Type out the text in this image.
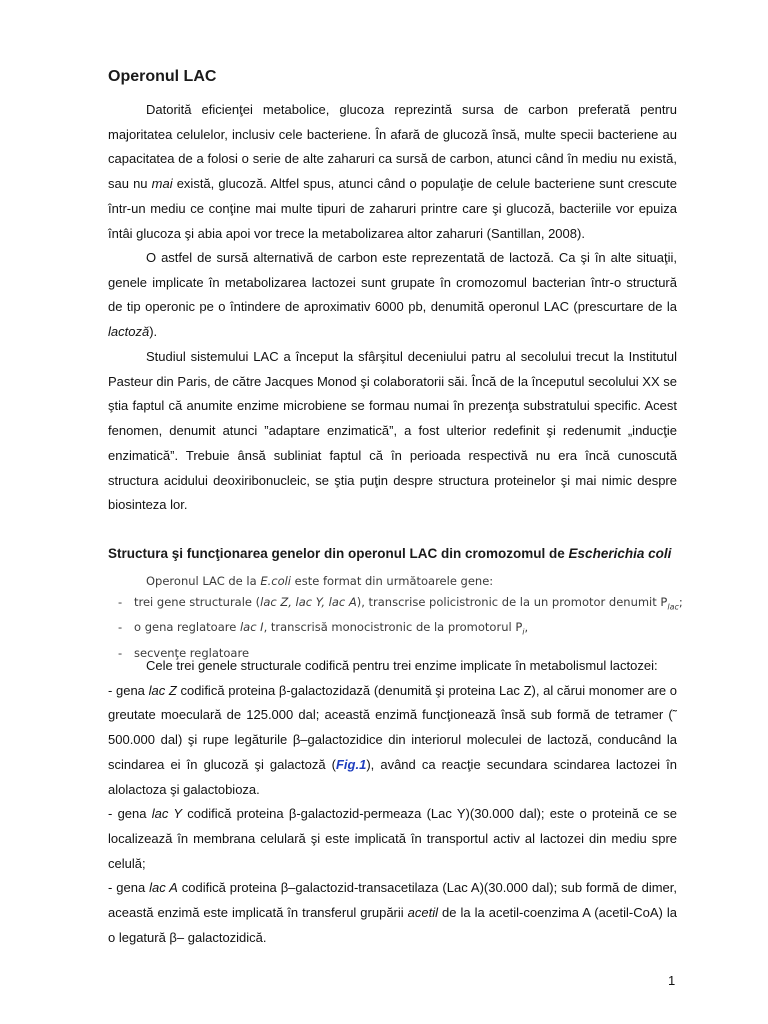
Operonul LAC

Datorită eficienţei metabolice, glucoza reprezintă sursa de carbon preferată pentru majoritatea celulelor, inclusiv cele bacteriene. În afară de glucoză însă, multe specii bacteriene au capacitatea de a folosi o serie de alte zaharuri ca sursă de carbon, atunci când în mediu nu există, sau nu mai există, glucoză. Altfel spus, atunci când o populaţie de celule bacteriene sunt crescute într-un mediu ce conţine mai multe tipuri de zaharuri printre care şi glucoză, bacteriile vor epuiza întâi glucoza şi abia apoi vor trece la metabolizarea altor zaharuri (Santillan, 2008).

O astfel de sursă alternativă de carbon este reprezentată de lactoză. Ca şi în alte situaţii, genele implicate în metabolizarea lactozei sunt grupate în cromozomul bacterian într-o structură de tip operonic pe o întindere de aproximativ 6000 pb, denumită operonul LAC (prescurtare de la lactoză).

Studiul sistemului LAC a început la sfârşitul deceniului patru al secolului trecut la Institutul Pasteur din Paris, de către Jacques Monod şi colaboratorii săi. Încă de la începutul secolului XX se ştia faptul că anumite enzime microbiene se formau numai în prezenţa substratului specific. Acest fenomen, denumit atunci ”adaptare enzimatică”, a fost ulterior redefinit şi redenumit „inducţie enzimatică”. Trebuie ânsă subliniat faptul că în perioada respectivă nu era încă cunoscută structura acidului deoxiribonucleic, se ştia puţin despre structura proteinelor şi mai nimic despre biosinteza lor.

Structura şi funcţionarea genelor din operonul LAC din cromozomul de Escherichia coli
Operonul LAC de la E.coli este format din următoarele gene:
- trei gene structurale (lac Z, lac Y, lac A), transcrise policistronic de la un promotor denumit $P_{lac}$;
- o gena reglatoare lac I, transcrisă monocistronic de la promotorul $P_i$,
- secvenţe reglatoare

Cele trei genele structurale codifică pentru trei enzime implicate în metabolismul lactozei:

- gena lac Z codifică proteina β-galactozidază (denumită şi proteina Lac Z), al cărui monomer are o greutate moeculară de 125.000 dal; această enzimă funcţionează însă sub formă de tetramer (˜ 500.000 dal) şi rupe legăturile β–galactozidice din interiorul moleculei de lactoză, conducând la scindarea ei în glucoză şi galactoză (Fig.1), având ca reacţie secundara scindarea lactozei în alolactoza şi galactobioza.

- gena lac Y codifică proteina β-galactozid-permeaza (Lac Y)(30.000 dal); este o proteină ce se localizează în membrana celulară şi este implicată în transportul activ al lactozei din mediu spre celulă;

- gena lac A codifică proteina β–galactozid-transacetilaza (Lac A)(30.000 dal); sub formă de dimer, această enzimă este implicată în transferul grupării acetil de la la acetil-coenzima A (acetil-CoA) la o legatură β– galactozidică.

1
